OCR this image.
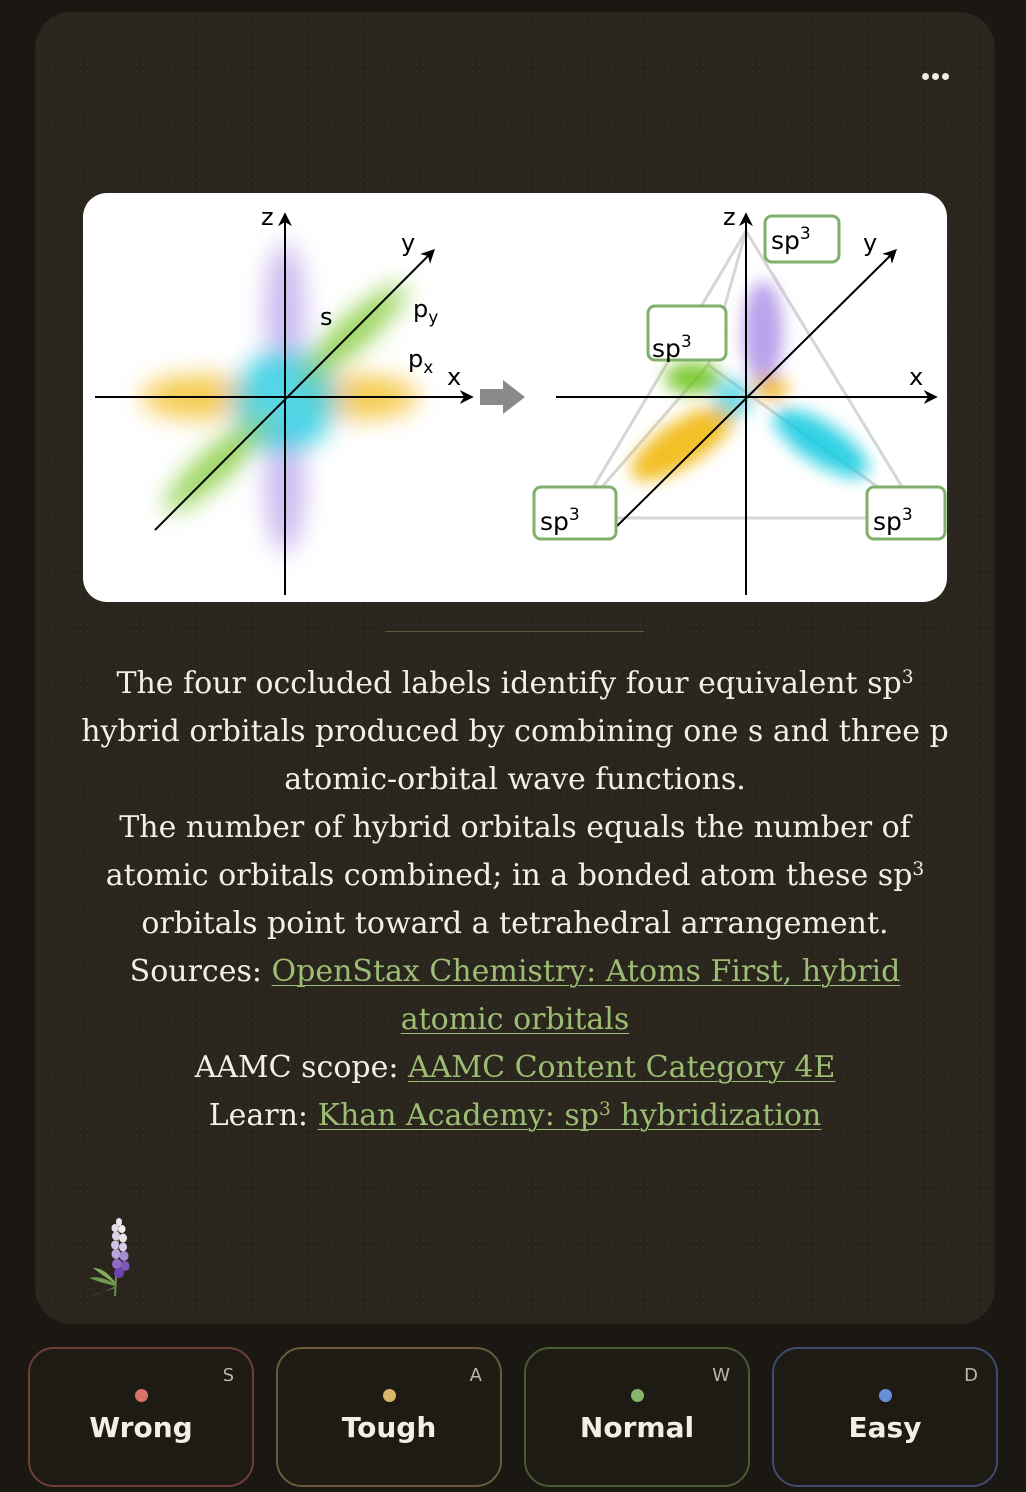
z
y
x
s	$p_y$
$p_x$
z
y
x
$sp^3$
$sp^3$
$sp^3$	$sp^3$

The four occluded labels identify four equivalent $sp^3$ hybrid orbitals produced by combining one s and three p atomic-orbital wave functions.

The number of hybrid orbitals equals the number of atomic orbitals combined; in a bonded atom these $sp^3$ orbitals point toward a tetrahedral arrangement.

Sources: OpenStax Chemistry: Atoms First, hybrid atomic orbitals

AAMC scope: AAMC Content Category 4E

Learn: Khan Academy: $sp^3$ hybridization

S
Wrong
A
Tough
W
Normal
D
Easy
